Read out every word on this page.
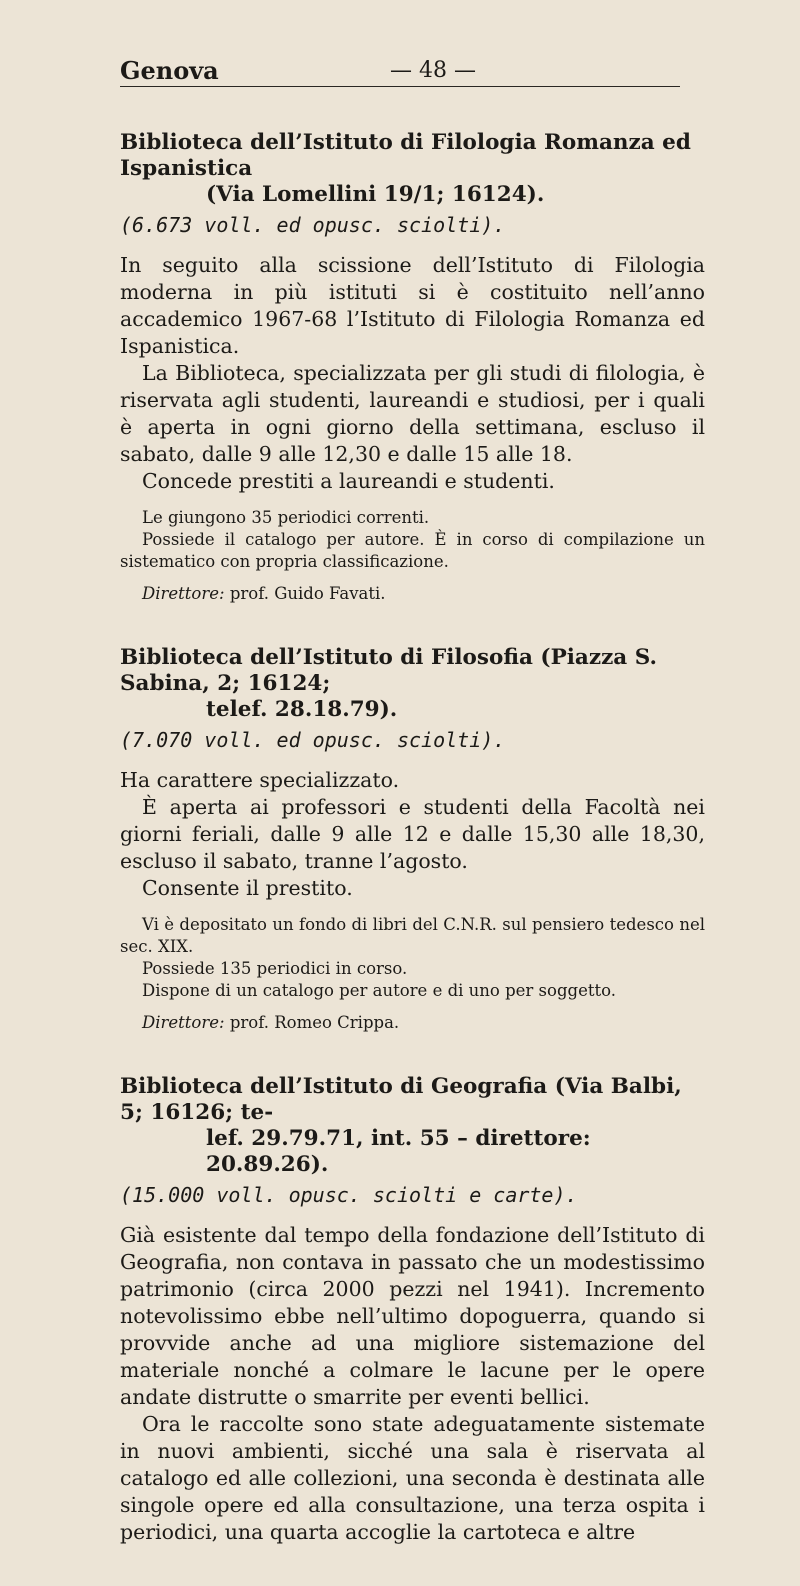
Genova	— 48 —
Biblioteca dell’Istituto di Filologia Romanza ed Ispanistica
(Via Lomellini 19/1; 16124).

(6.673 voll. ed opusc. sciolti).

In seguito alla scissione dell’Istituto di Filologia moderna in più istituti si è costituito nell’anno accademico 1967-68 l’Istituto di Filologia Romanza ed Ispanistica.

La Biblioteca, specializzata per gli studi di filologia, è riservata agli studenti, laureandi e studiosi, per i quali è aperta in ogni giorno della settimana, escluso il sabato, dalle 9 alle 12,30 e dalle 15 alle 18.

Concede prestiti a laureandi e studenti.

Le giungono 35 periodici correnti.

Possiede il catalogo per autore. È in corso di compilazione un sistematico con propria classificazione.

Direttore: prof. Guido Favati.

Biblioteca dell’Istituto di Filosofia (Piazza S. Sabina, 2; 16124;
telef. 28.18.79).

(7.070 voll. ed opusc. sciolti).

Ha carattere specializzato.

È aperta ai professori e studenti della Facoltà nei giorni feriali, dalle 9 alle 12 e dalle 15,30 alle 18,30, escluso il sabato, tranne l’agosto.

Consente il prestito.

Vi è depositato un fondo di libri del C.N.R. sul pensiero tedesco nel sec. XIX.

Possiede 135 periodici in corso.

Dispone di un catalogo per autore e di uno per soggetto.

Direttore: prof. Romeo Crippa.

Biblioteca dell’Istituto di Geografia (Via Balbi, 5; 16126; te-
lef. 29.79.71, int. 55 – direttore: 20.89.26).

(15.000 voll. opusc. sciolti e carte).

Già esistente dal tempo della fondazione dell’Istituto di Geografia, non contava in passato che un modestissimo patrimonio (circa 2000 pezzi nel 1941). Incremento notevolissimo ebbe nell’ultimo dopoguerra, quando si provvide anche ad una migliore sistemazione del materiale nonché a colmare le lacune per le opere andate distrutte o smarrite per eventi bellici.

Ora le raccolte sono state adeguatamente sistemate in nuovi ambienti, sicché una sala è riservata al catalogo ed alle collezioni, una seconda è destinata alle singole opere ed alla consultazione, una terza ospita i periodici, una quarta accoglie la cartoteca e altre
